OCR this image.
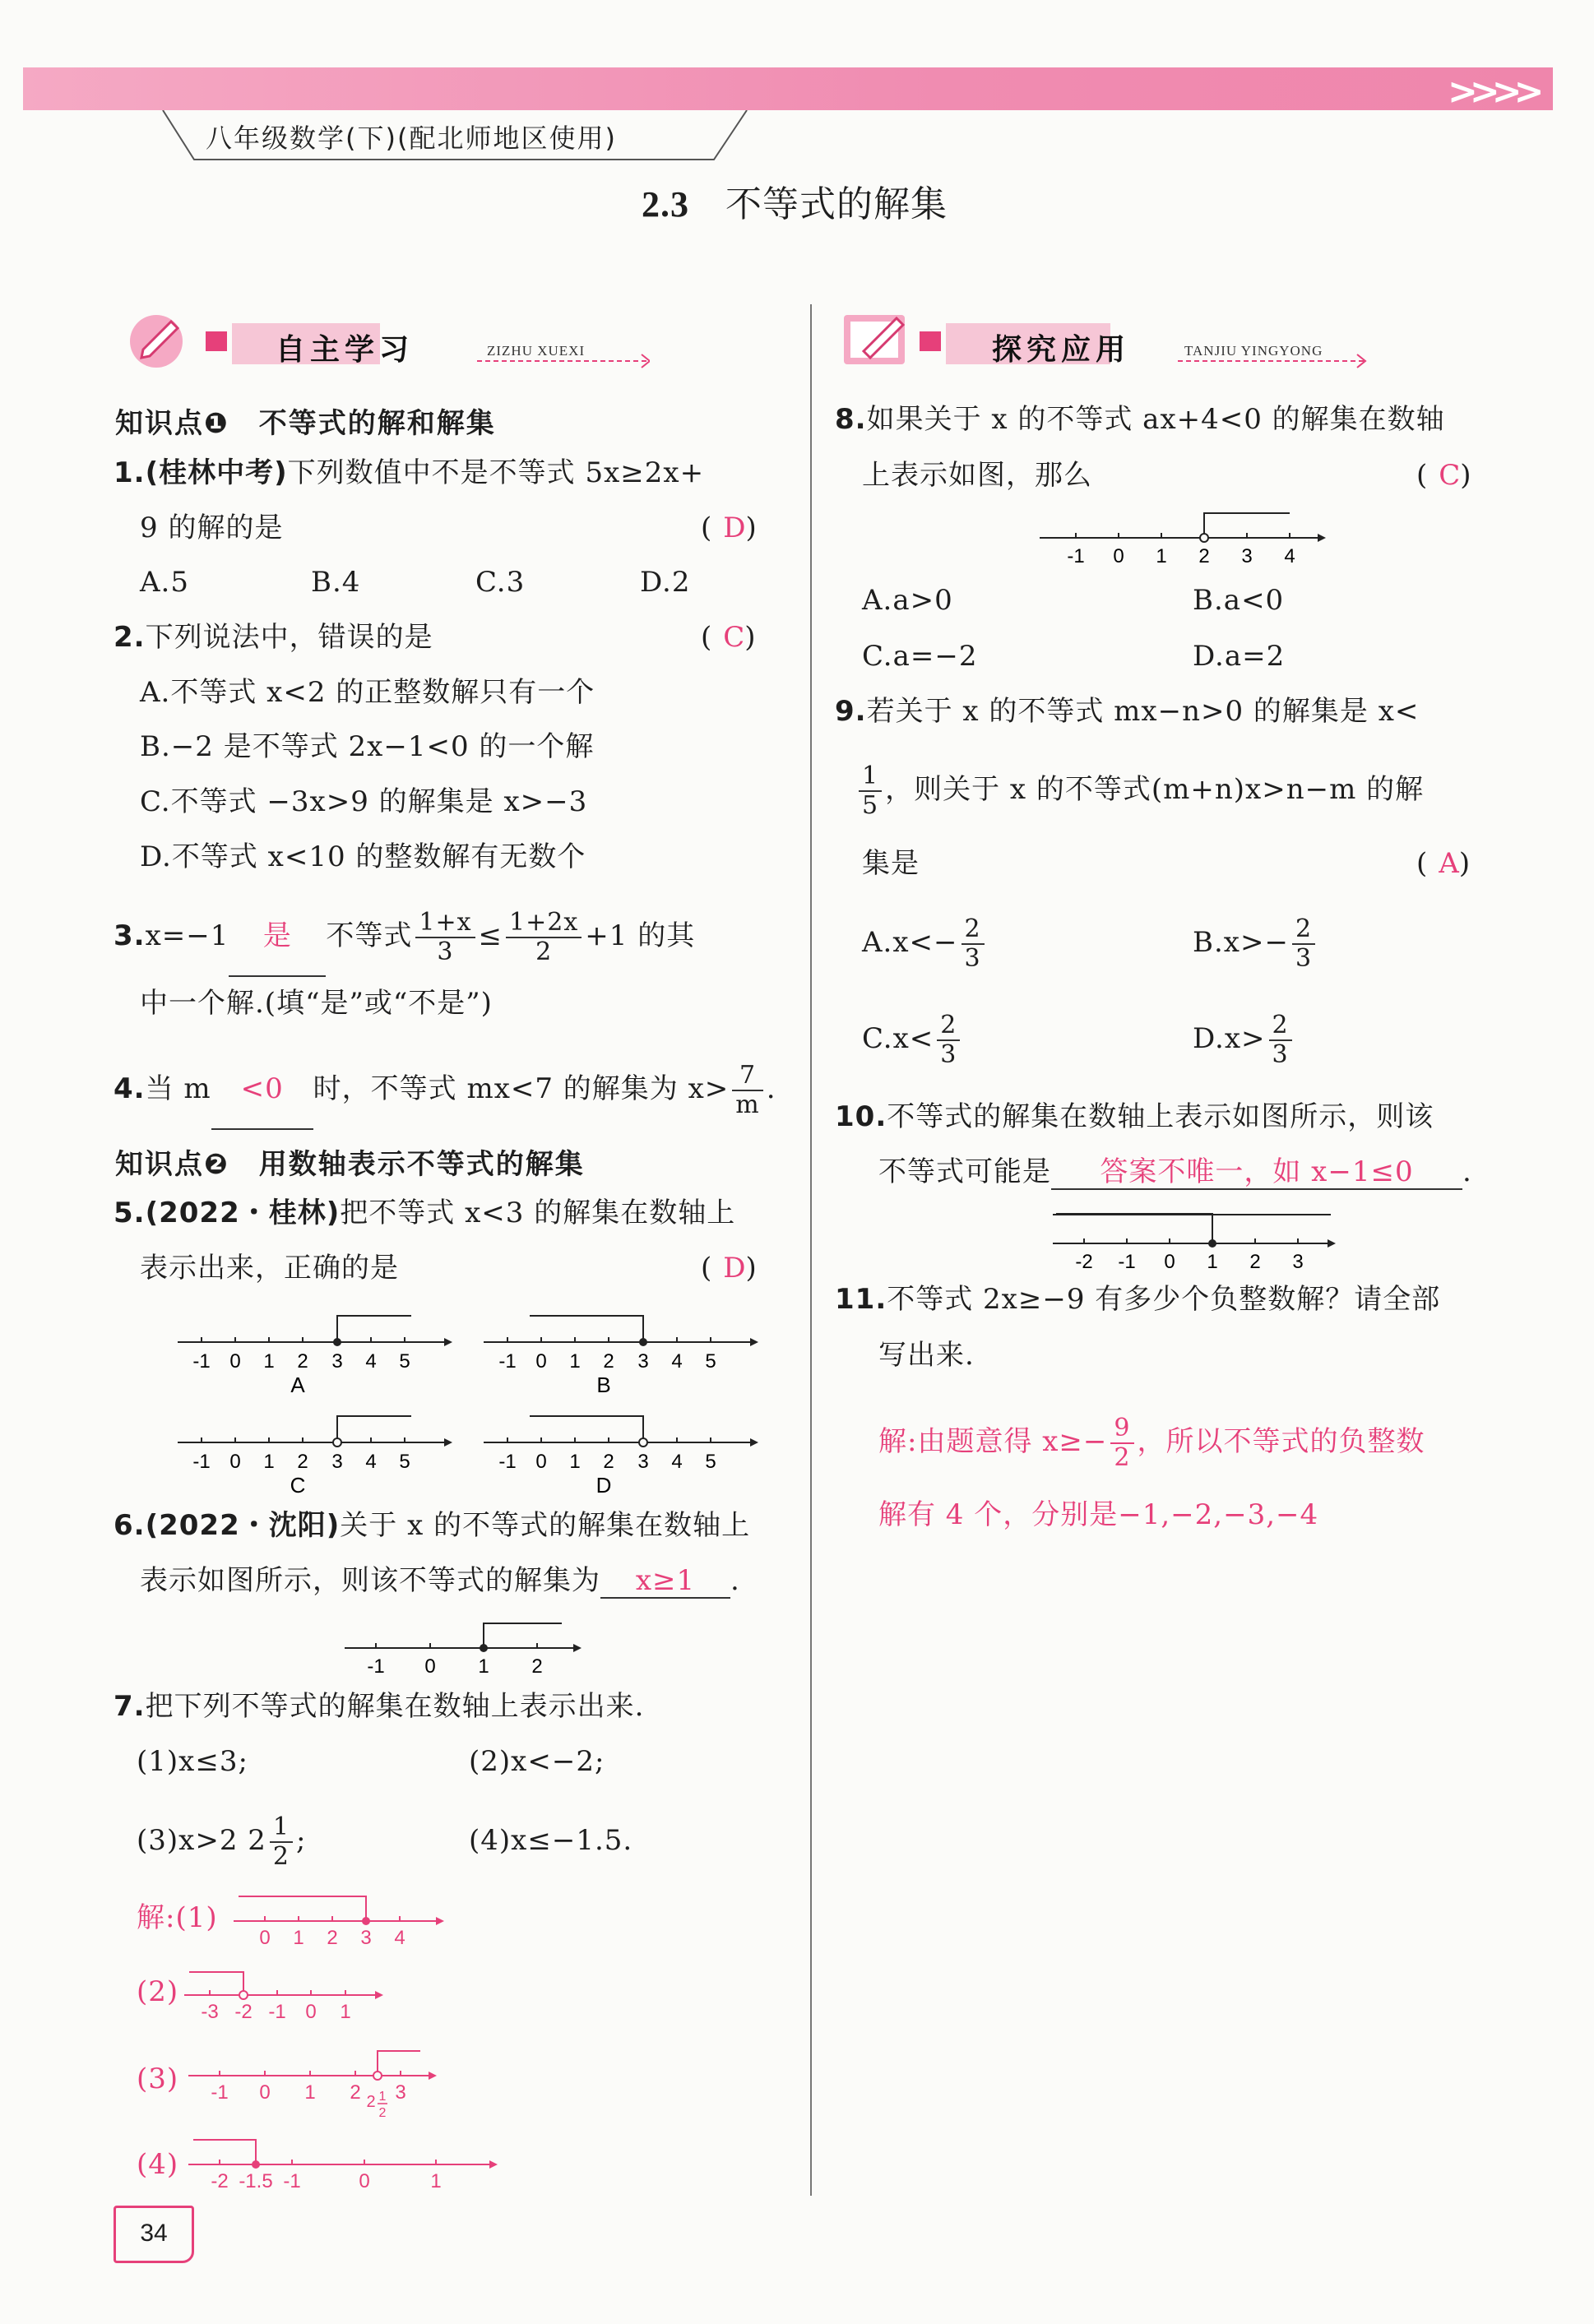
>>>>
八年级数学(下)(配北师地区使用)
2.3 不等式的解集
自主学习	ZIZHU XUEXI	探究应用	TANJIU YINGYONG
知识点❶　不等式的解和解集
1.(桂林中考)下列数值中不是不等式 5x≥2x+
9 的解的是	(D)
A.5	B.4	C.3	D.2
2.下列说法中，错误的是	(C)
A.不等式 x<2 的正整数解只有一个
B.−2 是不等式 2x−1<0 的一个解
C.不等式 −3x>9 的解集是 x>−3
D.不等式 x<10 的整数解有无数个
3.x=−1 是 不等式 $\frac{1+x}{3} \le \frac{1+2x}{2} +1$ 的其
中一个解.(填“是”或“不是”)
4.当 m <0 时，不等式 mx<7 的解集为 $x> \frac{7}{m}$ .
知识点❷　用数轴表示不等式的解集
5.(2022・桂林)把不等式 x<3 的解集在数轴上
表示出来，正确的是	(D)
-1 0 1 2 3 4 5
A
-1 0 1 2 3 4 5
B
-1 0 1 2 3 4 5
C
-1 0 1 2 3 4 5
D
6.(2022・沈阳)关于 x 的不等式的解集在数轴上
表示如图所示，则该不等式的解集为 x≥1 .
-1 0 1 2
7.把下列不等式的解集在数轴上表示出来.
(1)x≤3;	(2)x<−2;
(3)x>2 $2 \frac{1}{2}$ ;	(4)x≤−1.5.
解:(1)
0 1 2 3 4
(2)
-3 -2 -1 0 1
(3) -1 0 1 2 3
2 1
2
(4)
-2 -1.5 -1	0	1
8.如果关于 x 的不等式 ax+4<0 的解集在数轴
上表示如图，那么	(C)
-1 0 1 2 3 4
A.a>0	B.a<0
C.a=−2	D.a=2
9.若关于 x 的不等式 mx−n>0 的解集是 x<
$\frac{1}{5}$ ，则关于 x 的不等式(m+n)x>n−m 的解
集是	(A)
$A.x<- \frac{2}{3}$	$B.x>- \frac{2}{3}$
$C.x< \frac{2}{3}$	$D.x> \frac{2}{3}$
10.不等式的解集在数轴上表示如图所示，则该
不等式可能是 答案不唯一，如 x−1≤0 .
-2 -1 0 1 2 3
11.不等式 2x≥−9 有多少个负整数解？请全部
写出来.
解:由题意得 $x\ge- \frac{9}{2}$ ，所以不等式的负整数
解有 4 个，分别是−1,−2,−3,−4
34
